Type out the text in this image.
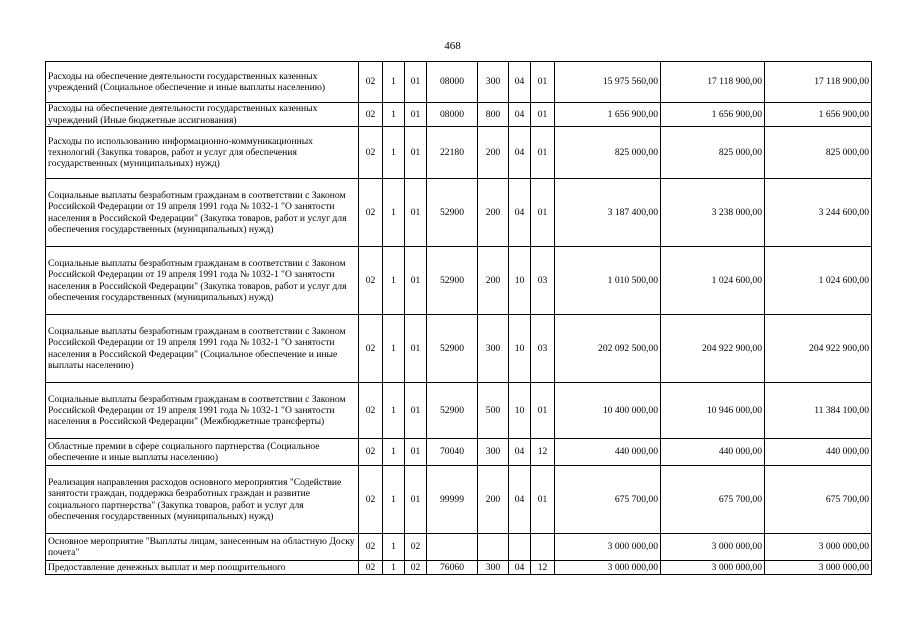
468
Расходы на обеспечение деятельности государственных казенных учреждений (Социальное обеспечение и иные выплаты населению)	02	1	01	08000	300	04	01	15 975 560,00	17 118 900,00	17 118 900,00
Расходы на обеспечение деятельности государственных казенных учреждений (Иные бюджетные ассигнования)	02	1	01	08000	800	04	01	1 656 900,00	1 656 900,00	1 656 900,00
Расходы по использованию информационно-коммуникационных технологий (Закупка товаров, работ и услуг для обеспечения государственных (муниципальных) нужд)	02	1	01	22180	200	04	01	825 000,00	825 000,00	825 000,00
Социальные выплаты безработным гражданам в соответствии с Законом Российской Федерации от 19 апреля 1991 года № 1032-1 "О занятости населения в Российской Федерации" (Закупка товаров, работ и услуг для обеспечения государственных (муниципальных) нужд)	02	1	01	52900	200	04	01	3 187 400,00	3 238 000,00	3 244 600,00
Социальные выплаты безработным гражданам в соответствии с Законом Российской Федерации от 19 апреля 1991 года № 1032-1 "О занятости населения в Российской Федерации" (Закупка товаров, работ и услуг для обеспечения государственных (муниципальных) нужд)	02	1	01	52900	200	10	03	1 010 500,00	1 024 600,00	1 024 600,00
Социальные выплаты безработным гражданам в соответствии с Законом Российской Федерации от 19 апреля 1991 года № 1032-1 "О занятости населения в Российской Федерации" (Социальное обеспечение и иные выплаты населению)	02	1	01	52900	300	10	03	202 092 500,00	204 922 900,00	204 922 900,00
Социальные выплаты безработным гражданам в соответствии с Законом Российской Федерации от 19 апреля 1991 года № 1032-1 "О занятости населения в Российской Федерации" (Межбюджетные трансферты)	02	1	01	52900	500	10	01	10 400 000,00	10 946 000,00	11 384 100,00
Областные премии в сфере социального партнерства (Социальное обеспечение и иные выплаты населению)	02	1	01	70040	300	04	12	440 000,00	440 000,00	440 000,00
Реализация направления расходов основного мероприятия "Содействие занятости граждан, поддержка безработных граждан и развитие социального партнерства" (Закупка товаров, работ и услуг для обеспечения государственных (муниципальных) нужд)	02	1	01	99999	200	04	01	675 700,00	675 700,00	675 700,00
Основное мероприятие "Выплаты лицам, занесенным на областную Доску почета"	02	1	02					3 000 000,00	3 000 000,00	3 000 000,00
Предоставление денежных выплат и мер поощрительного	02	1	02	76060	300	04	12	3 000 000,00	3 000 000,00	3 000 000,00
